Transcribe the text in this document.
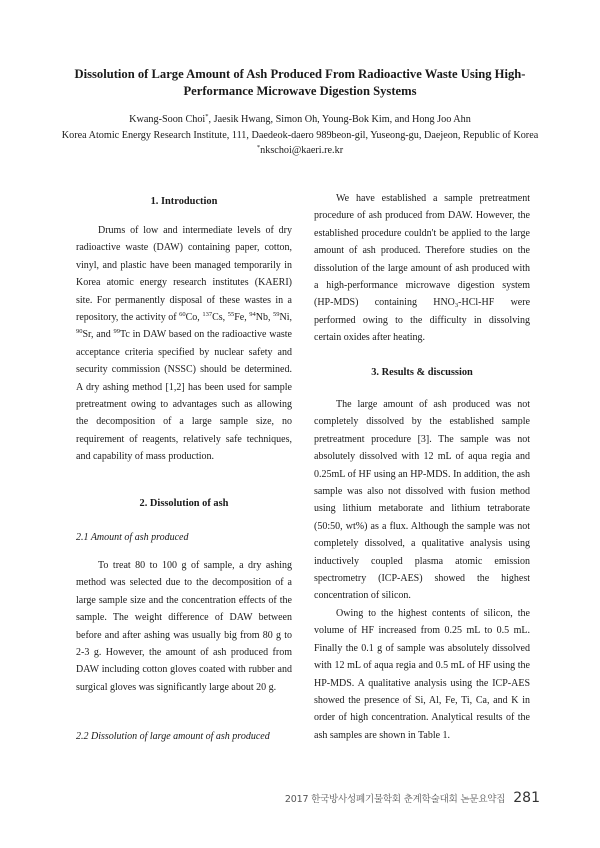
Dissolution of Large Amount of Ash Produced From Radioactive Waste Using High-
Performance Microwave Digestion Systems

Kwang-Soon Choi*, Jaesik Hwang, Simon Oh, Young-Bok Kim, and Hong Joo Ahn

Korea Atomic Energy Research Institute, 111, Daedeok-daero 989beon-gil, Yuseong-gu, Daejeon, Republic of Korea

*nkschoi@kaeri.re.kr

1. Introduction

Drums of low and intermediate levels of dry radioactive waste (DAW) containing paper, cotton, vinyl, and plastic have been managed temporarily in Korea atomic energy research institutes (KAERI) site. For permanently disposal of these wastes in a repository, the activity of $^{60}$Co, $^{137}$Cs, $^{55}$Fe, $^{94}$Nb, $^{59}$Ni, $^{90}$Sr, and $^{99}$Tc in DAW based on the radioactive waste acceptance criteria specified by nuclear safety and security commission (NSSC) should be determined. A dry ashing method [1,2] has been used for sample pretreatment owing to advantages such as allowing the decomposition of a large sample size, no requirement of reagents, relatively safe techniques, and capability of mass production.

2. Dissolution of ash
2.1 Amount of ash produced

To treat 80 to 100 g of sample, a dry ashing method was selected due to the decomposition of a large sample size and the concentration effects of the sample. The weight difference of DAW between before and after ashing was usually big from 80 g to 2-3 g. However, the amount of ash produced from DAW including cotton gloves coated with rubber and surgical gloves was significantly large about 20 g.

2.2 Dissolution of large amount of ash produced

We have established a sample pretreatment procedure of ash produced from DAW. However, the established procedure couldn't be applied to the large amount of ash produced. Therefore studies on the dissolution of the large amount of ash produced with a high-performance microwave digestion system (HP-MDS) containing $HNO_3-HCl-HF$ were performed owing to the difficulty in dissolving certain oxides after heating.

3. Results & discussion

The large amount of ash produced was not completely dissolved by the established sample pretreatment procedure [3]. The sample was not absolutely dissolved with 12 mL of aqua regia and 0.25mL of HF using an HP-MDS. In addition, the ash sample was also not dissolved with fusion method using lithium metaborate and lithium tetraborate (50:50, wt%) as a flux. Although the sample was not completely dissolved, a qualitative analysis using inductively coupled plasma atomic emission spectrometry (ICP-AES) showed the highest concentration of silicon.

Owing to the highest contents of silicon, the volume of HF increased from 0.25 mL to 0.5 mL. Finally the 0.1 g of sample was absolutely dissolved with 12 mL of aqua regia and 0.5 mL of HF using the HP-MDS. A qualitative analysis using the ICP-AES showed the presence of Si, Al, Fe, Ti, Ca, and K in order of high concentration. Analytical results of the ash samples are shown in Table 1.

2017 한국방사성폐기물학회 춘계학술대회 논문요약집 281
